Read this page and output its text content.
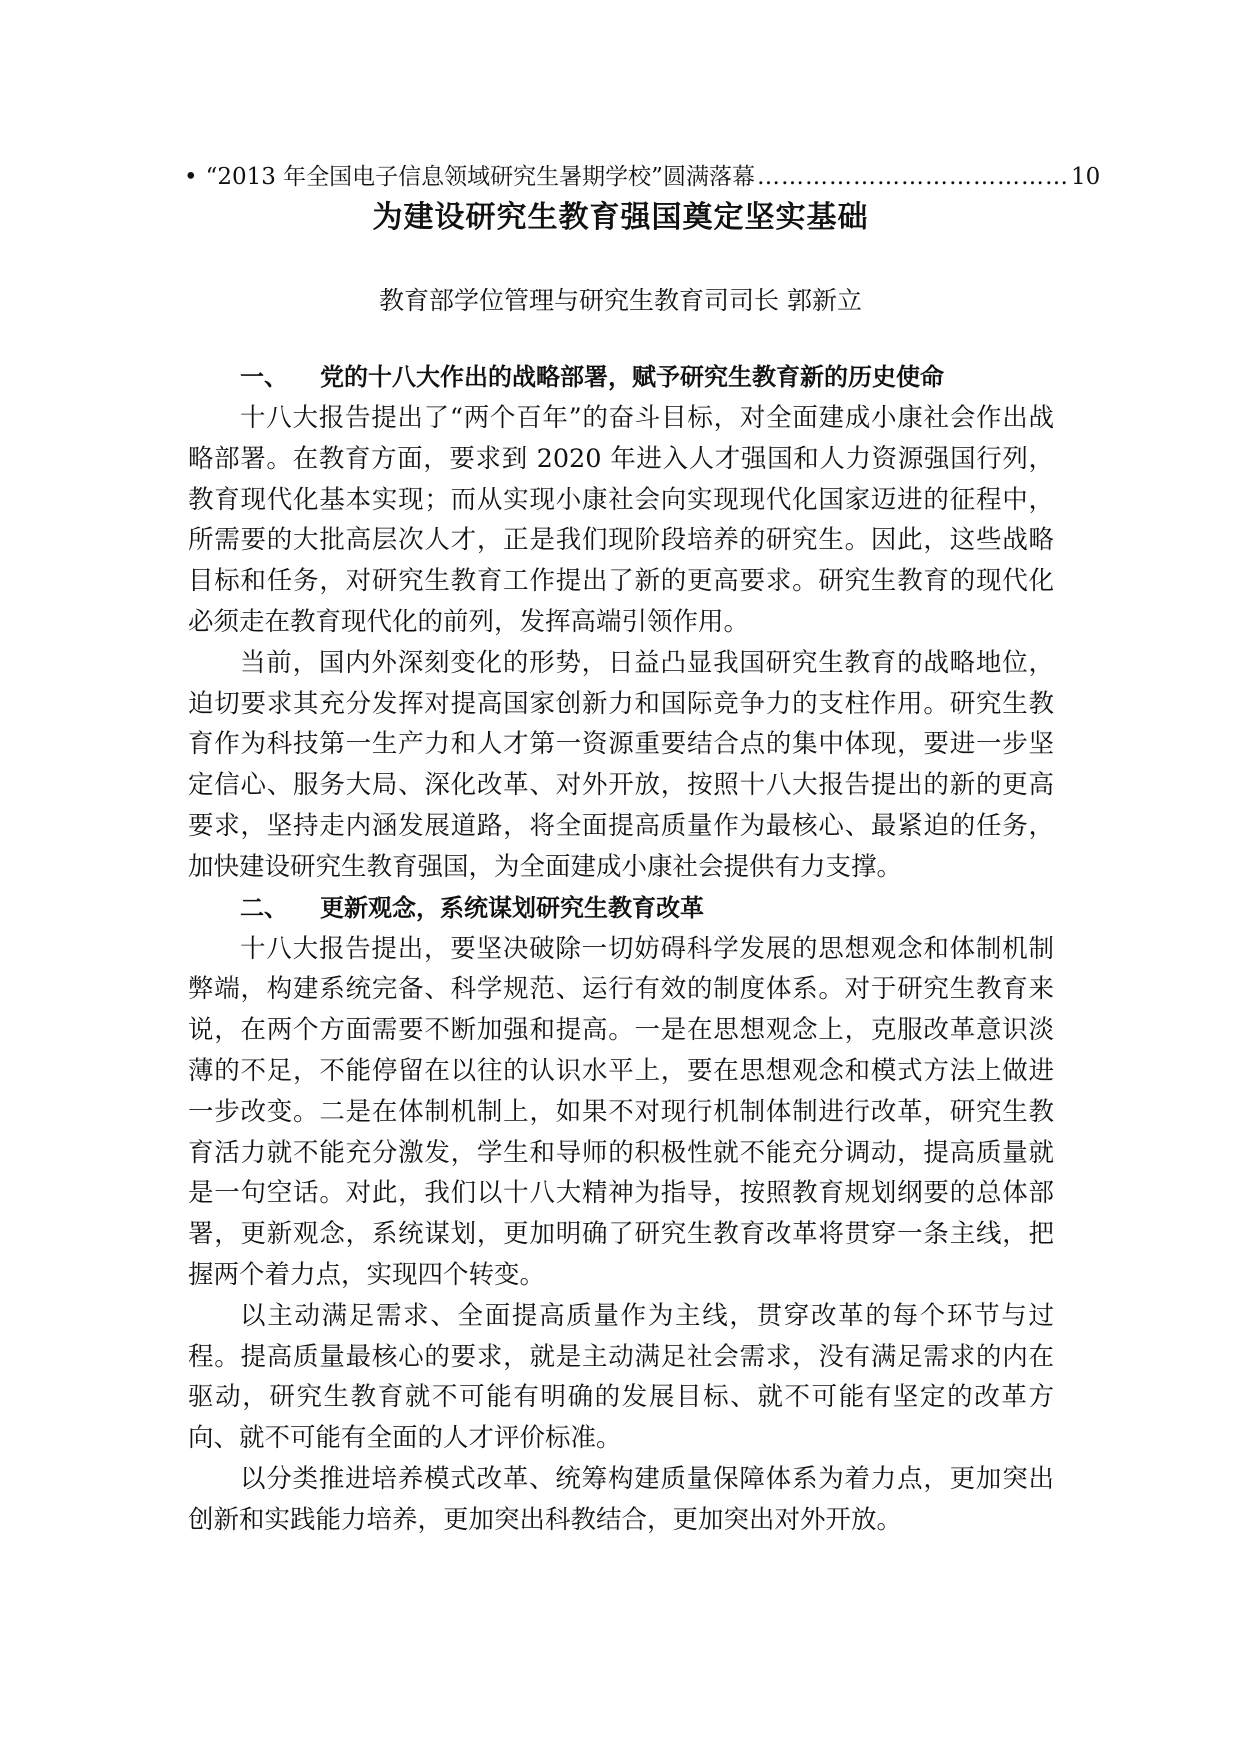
• “2013 年全国电子信息领域研究生暑期学校”圆满落幕 ………………………………… 10
为建设研究生教育强国奠定坚实基础
教育部学位管理与研究生教育司司长 郭新立
一、 党的十八大作出的战略部署，赋予研究生教育新的历史使命

十八大报告提出了“两个百年”的奋斗目标，对全面建成小康社会作出战略部署。在教育方面，要求到 2020 年进入人才强国和人力资源强国行列，教育现代化基本实现；而从实现小康社会向实现现代化国家迈进的征程中，所需要的大批高层次人才，正是我们现阶段培养的研究生。因此，这些战略目标和任务，对研究生教育工作提出了新的更高要求。研究生教育的现代化必须走在教育现代化的前列，发挥高端引领作用。

当前，国内外深刻变化的形势，日益凸显我国研究生教育的战略地位，迫切要求其充分发挥对提高国家创新力和国际竞争力的支柱作用。研究生教育作为科技第一生产力和人才第一资源重要结合点的集中体现，要进一步坚定信心、服务大局、深化改革、对外开放，按照十八大报告提出的新的更高要求，坚持走内涵发展道路，将全面提高质量作为最核心、最紧迫的任务，加快建设研究生教育强国，为全面建成小康社会提供有力支撑。

二、 更新观念，系统谋划研究生教育改革

十八大报告提出，要坚决破除一切妨碍科学发展的思想观念和体制机制弊端，构建系统完备、科学规范、运行有效的制度体系。对于研究生教育来说，在两个方面需要不断加强和提高。一是在思想观念上，克服改革意识淡薄的不足，不能停留在以往的认识水平上，要在思想观念和模式方法上做进一步改变。二是在体制机制上，如果不对现行机制体制进行改革，研究生教育活力就不能充分激发，学生和导师的积极性就不能充分调动，提高质量就是一句空话。对此，我们以十八大精神为指导，按照教育规划纲要的总体部署，更新观念，系统谋划，更加明确了研究生教育改革将贯穿一条主线，把握两个着力点，实现四个转变。

以主动满足需求、全面提高质量作为主线，贯穿改革的每个环节与过程。提高质量最核心的要求，就是主动满足社会需求，没有满足需求的内在驱动，研究生教育就不可能有明确的发展目标、就不可能有坚定的改革方向、就不可能有全面的人才评价标准。

以分类推进培养模式改革、统筹构建质量保障体系为着力点，更加突出创新和实践能力培养，更加突出科教结合，更加突出对外开放。
